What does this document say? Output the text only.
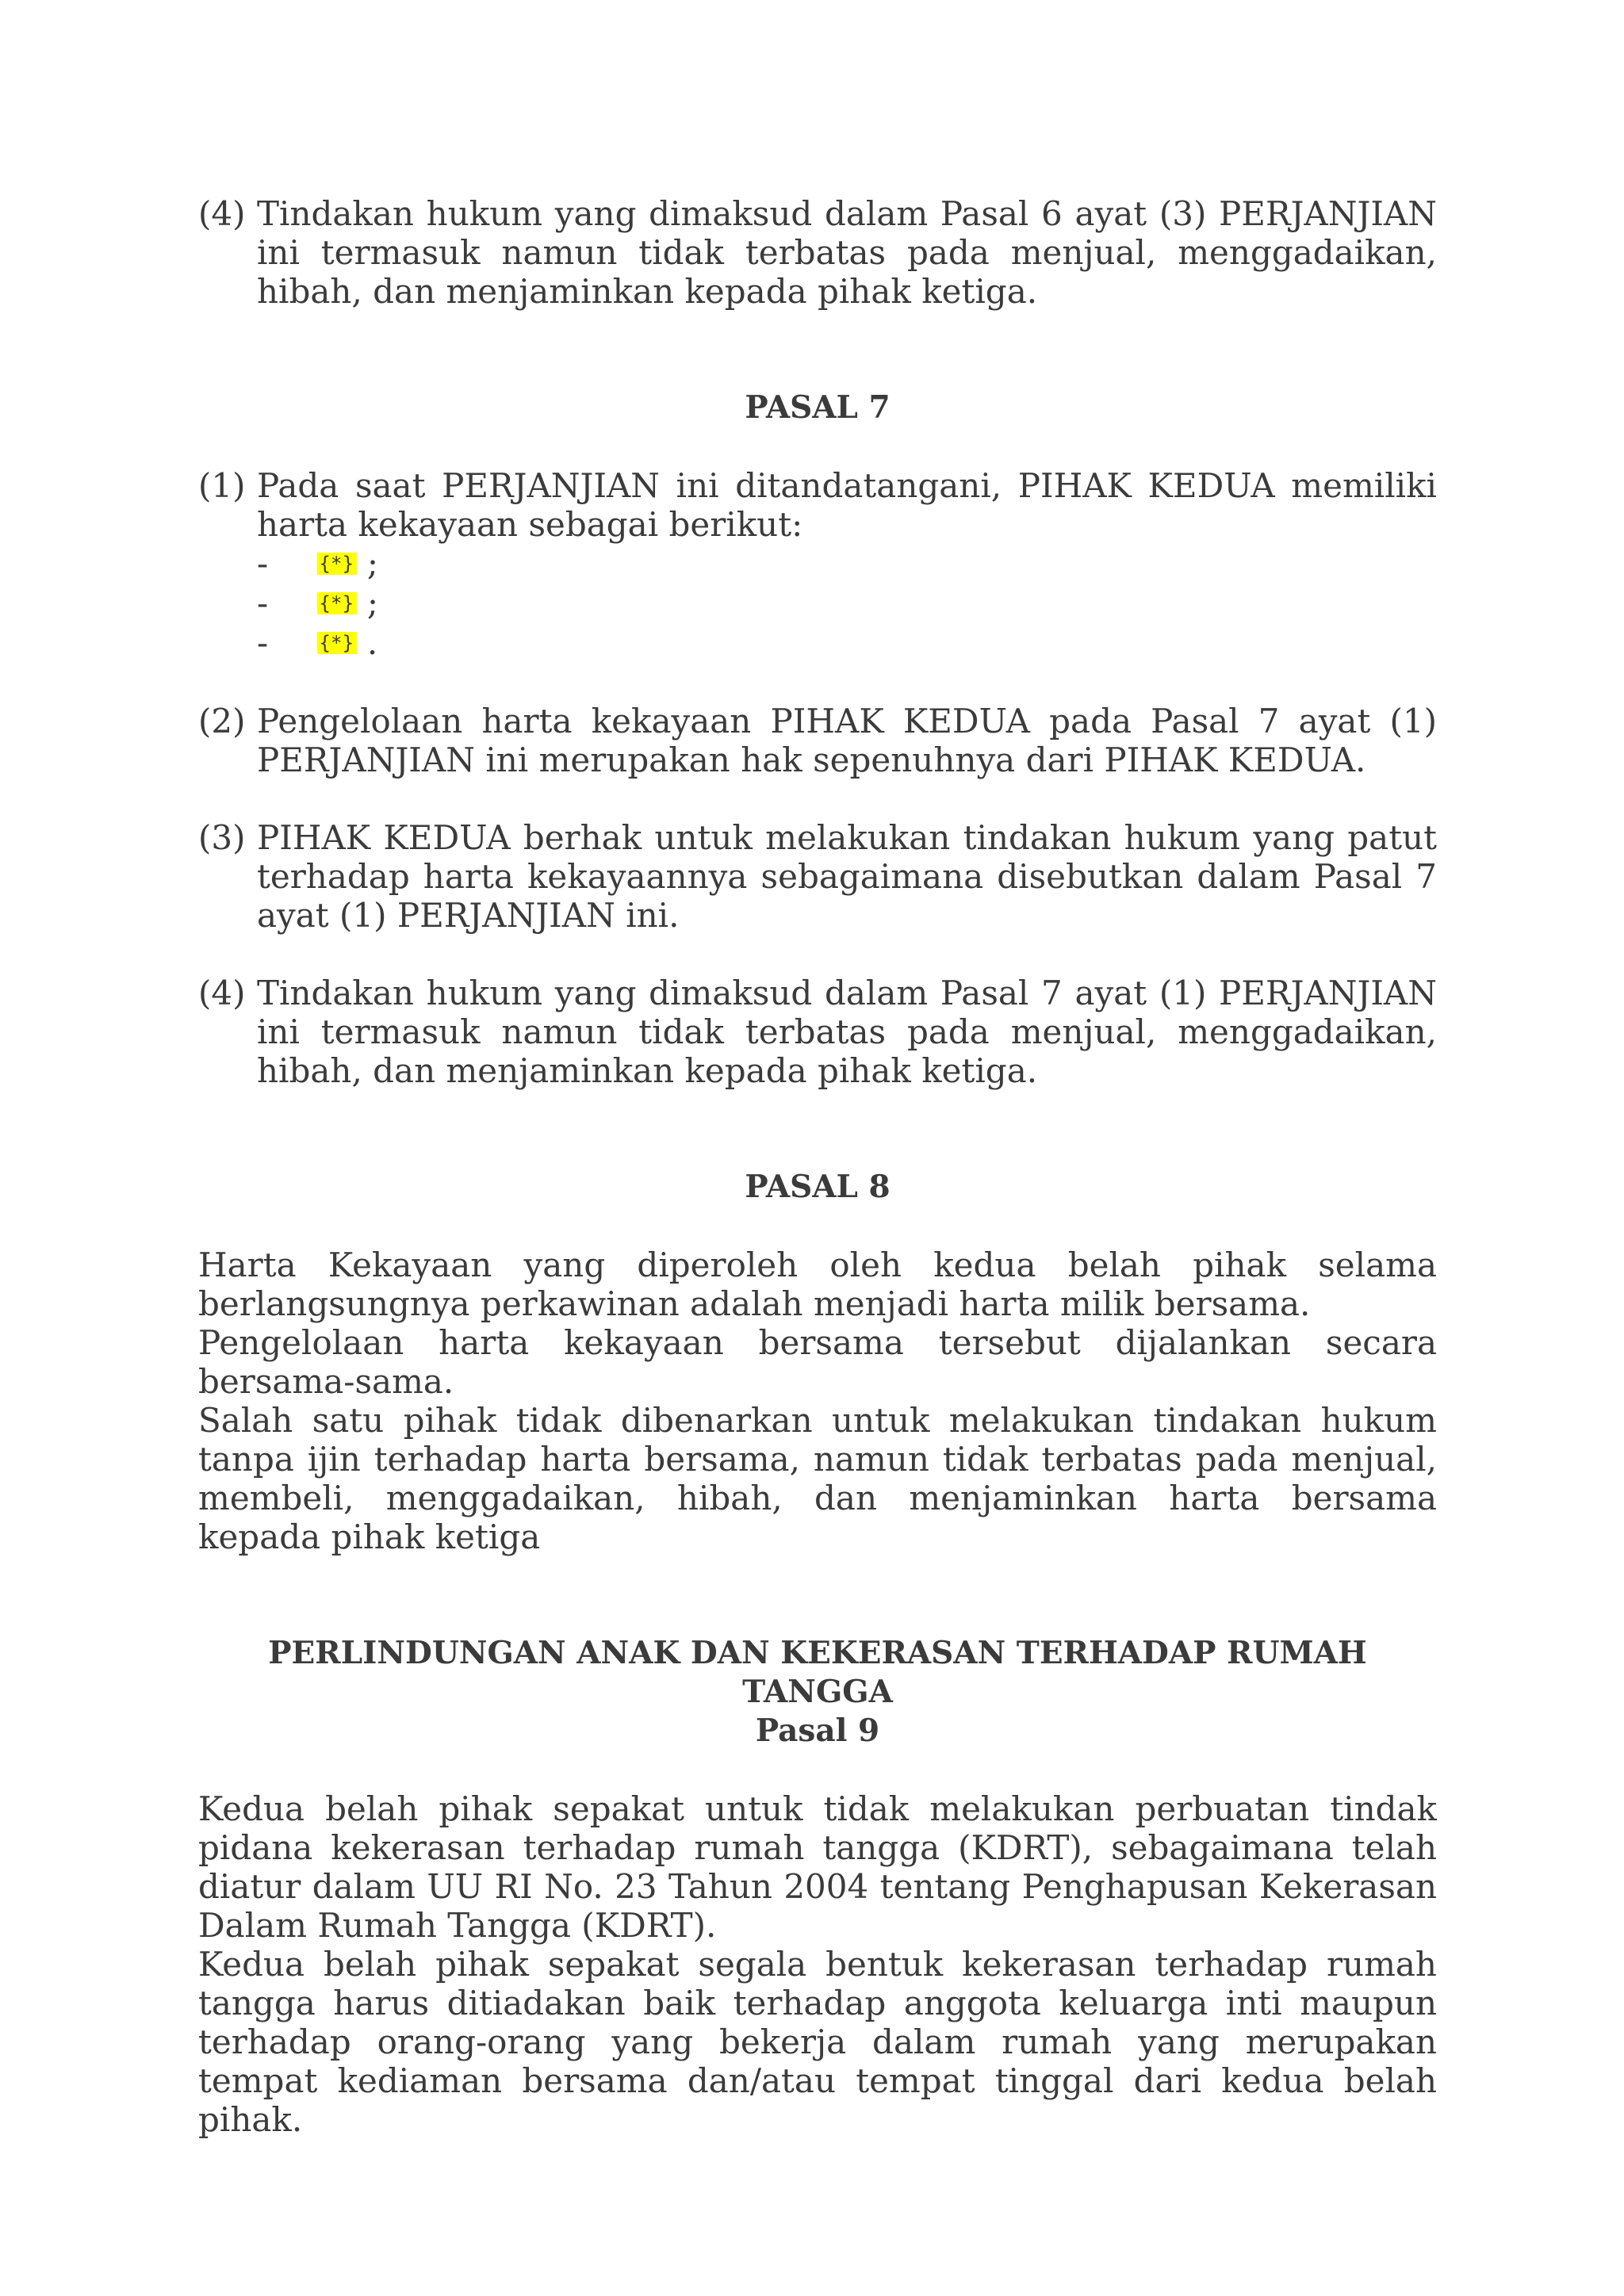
(4) Tindakan hukum yang dimaksud dalam Pasal 6 ayat (3) PERJANJIAN ini termasuk namun tidak terbatas pada menjual, menggadaikan, hibah, dan menjaminkan kepada pihak ketiga.

PASAL 7

(1) Pada saat PERJANJIAN ini ditandatangani, PIHAK KEDUA memiliki harta kekayaan sebagai berikut:

-	{*} ;
-	{*} ;
-	{*} .

(2) Pengelolaan harta kekayaan PIHAK KEDUA pada Pasal 7 ayat (1) PERJANJIAN ini merupakan hak sepenuhnya dari PIHAK KEDUA.

(3) PIHAK KEDUA berhak untuk melakukan tindakan hukum yang patut terhadap harta kekayaannya sebagaimana disebutkan dalam Pasal 7 ayat (1) PERJANJIAN ini.

(4) Tindakan hukum yang dimaksud dalam Pasal 7 ayat (1) PERJANJIAN ini termasuk namun tidak terbatas pada menjual, menggadaikan, hibah, dan menjaminkan kepada pihak ketiga.

PASAL 8

Harta Kekayaan yang diperoleh oleh kedua belah pihak selama berlangsungnya perkawinan adalah menjadi harta milik bersama.

Pengelolaan harta kekayaan bersama tersebut dijalankan secara bersama-sama.

Salah satu pihak tidak dibenarkan untuk melakukan tindakan hukum tanpa ijin terhadap harta bersama, namun tidak terbatas pada menjual, membeli, menggadaikan, hibah, dan menjaminkan harta bersama kepada pihak ketiga

PERLINDUNGAN ANAK DAN KEKERASAN TERHADAP RUMAH TANGGA

Pasal 9

Kedua belah pihak sepakat untuk tidak melakukan perbuatan tindak pidana kekerasan terhadap rumah tangga (KDRT), sebagaimana telah diatur dalam UU RI No. 23 Tahun 2004 tentang Penghapusan Kekerasan Dalam Rumah Tangga (KDRT).

Kedua belah pihak sepakat segala bentuk kekerasan terhadap rumah tangga harus ditiadakan baik terhadap anggota keluarga inti maupun terhadap orang-orang yang bekerja dalam rumah yang merupakan tempat kediaman bersama dan/atau tempat tinggal dari kedua belah pihak.
